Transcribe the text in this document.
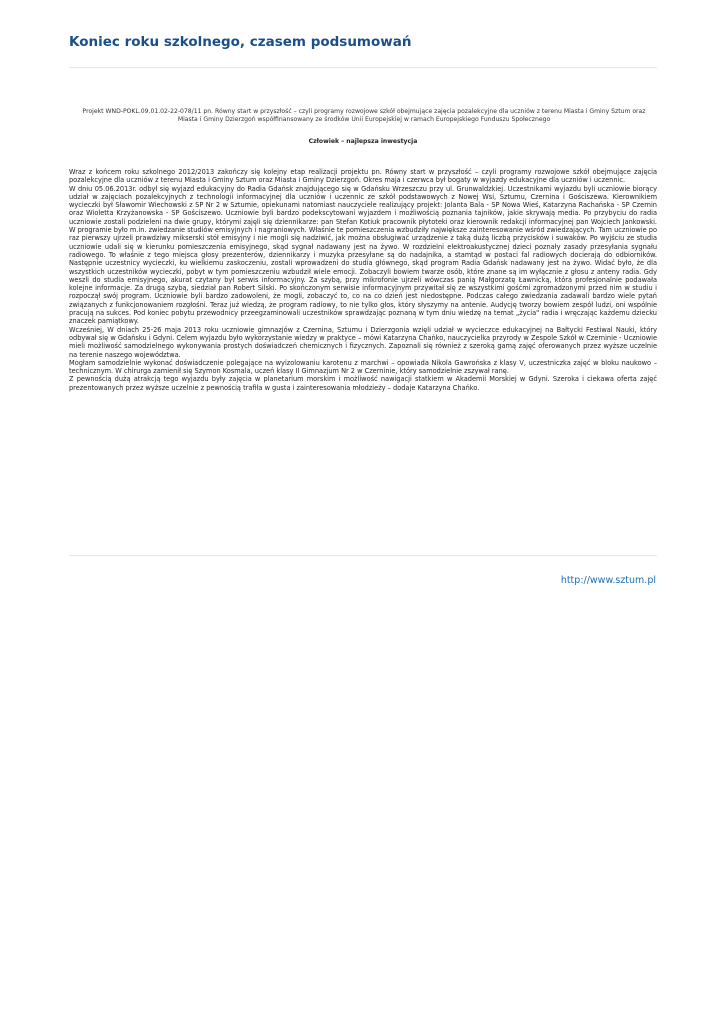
Koniec roku szkolnego, czasem podsumowań

Projekt WND-POKL.09.01.02-22-078/11 pn. Równy start w przyszłość – czyli programy rozwojowe szkół obejmujące zajęcia pozalekcyjne dla uczniów z terenu Miasta i Gminy Sztum oraz Miasta i Gminy Dzierzgoń współfinansowany ze środków Unii Europejskiej w ramach Europejskiego Funduszu Społecznego

Człowiek – najlepsza inwestycja

Wraz z końcem roku szkolnego 2012/2013 zakończy się kolejny etap realizacji projektu pn. Równy start w przyszłość – czyli programy rozwojowe szkół obejmujące zajęcia pozalekcyjne dla uczniów z terenu Miasta i Gminy Sztum oraz Miasta i Gminy Dzierzgoń. Okres maja i czerwca był bogaty w wyjazdy edukacyjne dla uczniów i uczennic.

W dniu 05.06.2013r. odbył się wyjazd edukacyjny do Radia Gdańsk znajdującego się w Gdańsku Wrzeszczu przy ul. Grunwaldzkiej. Uczestnikami wyjazdu byli uczniowie biorący udział w zajęciach pozalekcyjnych z technologii informacyjnej dla uczniów i uczennic ze szkół podstawowych z Nowej Wsi, Sztumu, Czernina i Gościszewa. Kierownikiem wycieczki był Sławomir Wiechowski z SP Nr 2 w Sztumie, opiekunami natomiast nauczyciele realizujący projekt: Jolanta Bala - SP Nowa Wieś, Katarzyna Rachańska - SP Czernin oraz Wioletta Krzyżanowska - SP Gościszewo. Uczniowie byli bardzo podekscytowani wyjazdem i możliwością poznania tajników, jakie skrywają media. Po przybyciu do radia uczniowie zostali podzieleni na dwie grupy, którymi zajęli się dziennikarze: pan Stefan Kotiuk pracownik płytoteki oraz kierownik redakcji informacyjnej pan Wojciech Jankowski. W programie było m.in. zwiedzanie studiów emisyjnych i nagraniowych. Właśnie te pomieszczenia wzbudziły największe zainteresowanie wśród zwiedzających. Tam uczniowie po raz pierwszy ujrzeli prawdziwy mikserski stół emisyjny i nie mogli się nadziwić, jak można obsługiwać urządzenie z taką dużą liczbą przycisków i suwaków. Po wyjściu ze studia uczniowie udali się w kierunku pomieszczenia emisyjnego, skąd sygnał nadawany jest na żywo. W rozdzielni elektroakustycznej dzieci poznały zasady przesyłania sygnału radiowego. To właśnie z tego miejsca głosy prezenterów, dziennikarzy i muzyka przesyłane są do nadajnika, a stamtąd w postaci fal radiowych docierają do odbiorników. Następnie uczestnicy wycieczki, ku wielkiemu zaskoczeniu, zostali wprowadzeni do studia głównego, skąd program Radia Gdańsk nadawany jest na żywo. Widać było, że dla wszystkich uczestników wycieczki, pobyt w tym pomieszczeniu wzbudził wiele emocji. Zobaczyli bowiem twarze osób, które znane są im wyłącznie z głosu z anteny radia. Gdy weszli do studia emisyjnego, akurat czytany był serwis informacyjny. Za szybą, przy mikrofonie ujrzeli wówczas panią Małgorzatę Ławnicką, która profesjonalnie podawała kolejne informacje. Za drugą szybą, siedział pan Robert Silski. Po skończonym serwisie informacyjnym przywitał się ze wszystkimi gośćmi zgromadzonymi przed nim w studiu i rozpoczął swój program. Uczniowie byli bardzo zadowoleni, że mogli, zobaczyć to, co na co dzień jest niedostępne. Podczas całego zwiedzania zadawali bardzo wiele pytań związanych z funkcjonowaniem rozgłośni. Teraz już wiedzą, że program radiowy, to nie tylko głos, który słyszymy na antenie. Audycję tworzy bowiem zespół ludzi, oni wspólnie pracują na sukces. Pod koniec pobytu przewodnicy przeegzaminowali uczestników sprawdzając poznaną w tym dniu wiedzę na temat „życia" radia i wręczając każdemu dziecku znaczek pamiątkowy.

Wcześniej, W dniach 25-26 maja 2013 roku uczniowie gimnazjów z Czernina, Sztumu i Dzierzgonia wzięli udział w wycieczce edukacyjnej na Bałtycki Festiwal Nauki, który odbywał się w Gdańsku i Gdyni. Celem wyjazdu było wykorzystanie wiedzy w praktyce – mówi Katarzyna Chańko, nauczycielka przyrody w Zespole Szkół w Czerninie - Uczniowie mieli możliwość samodzielnego wykonywania prostych doświadczeń chemicznych i fizycznych. Zapoznali się również z szeroką gamą zajęć oferowanych przez wyższe uczelnie na terenie naszego województwa.

Mogłam samodzielnie wykonać doświadczenie polegające na wyizolowaniu karotenu z marchwi – opowiada Nikola Gawrońska z klasy V, uczestniczka zajęć w bloku naukowo – technicznym. W chirurga zamienił się Szymon Kosmala, uczeń klasy II Gimnazjum Nr 2 w Czerninie, który samodzielnie zszywał ranę.

Z pewnością dużą atrakcją tego wyjazdu były zajęcia w planetarium morskim i możliwość nawigacji statkiem w Akademii Morskiej w Gdyni. Szeroka i ciekawa oferta zajęć prezentowanych przez wyższe uczelnie z pewnością trafiła w gusta i zainteresowania młodzieży – dodaje Katarzyna Chańko.

http://www.sztum.pl
